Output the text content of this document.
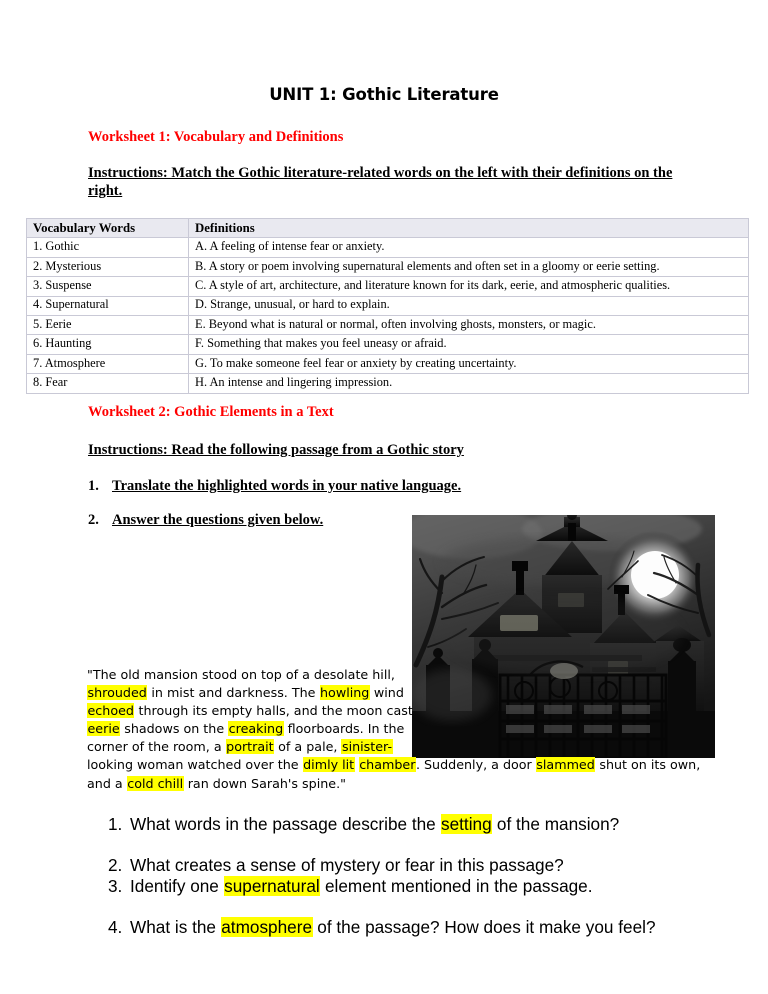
UNIT 1: Gothic Literature
Worksheet 1: Vocabulary and Definitions
Instructions: Match the Gothic literature-related words on the left with their definitions on the right.
Vocabulary Words	Definitions
1. Gothic	A. A feeling of intense fear or anxiety.
2. Mysterious	B. A story or poem involving supernatural elements and often set in a gloomy or eerie setting.
3. Suspense	C. A style of art, architecture, and literature known for its dark, eerie, and atmospheric qualities.
4. Supernatural	D. Strange, unusual, or hard to explain.
5. Eerie	E. Beyond what is natural or normal, often involving ghosts, monsters, or magic.
6. Haunting	F. Something that makes you feel uneasy or afraid.
7. Atmosphere	G. To make someone feel fear or anxiety by creating uncertainty.
8. Fear	H. An intense and lingering impression.
Worksheet 2: Gothic Elements in a Text
Instructions: Read the following passage from a Gothic story
1. Translate the highlighted words in your native language.
2. Answer the questions given below.
"The old mansion stood on top of a desolate hill,
shrouded in mist and darkness. The howling wind
echoed through its empty halls, and the moon cast
eerie shadows on the creaking floorboards. In the
corner of the room, a portrait of a pale, sinister-
looking woman watched over the dimly lit chamber. Suddenly, a door slammed shut on its own,
and a cold chill ran down Sarah's spine."
1. What words in the passage describe the setting of the mansion?
2. What creates a sense of mystery or fear in this passage?
3. Identify one supernatural element mentioned in the passage.
4. What is the atmosphere of the passage? How does it make you feel?
